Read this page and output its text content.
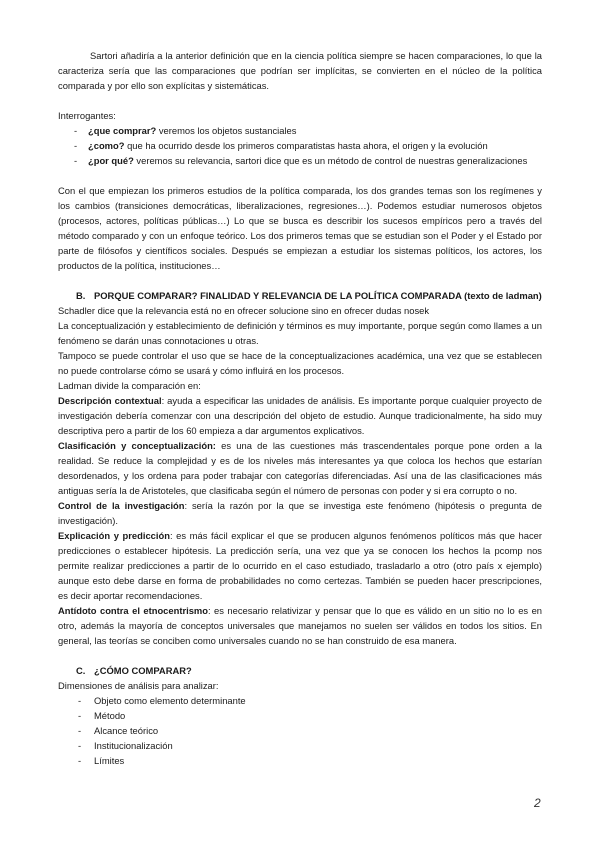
Sartori añadiría a la anterior definición que en la ciencia política siempre se hacen comparaciones, lo que la caracteriza sería que las comparaciones que podrían ser implícitas, se convierten en el núcleo de la política comparada y por ello son explícitas y sistemáticas.

Interrogantes:

- ¿que comprar? veremos los objetos sustanciales
- ¿como? que ha ocurrido desde los primeros comparatistas hasta ahora, el origen y la evolución
- ¿por qué? veremos su relevancia, sartori dice que es un método de control de nuestras generalizaciones

Con el que empiezan los primeros estudios de la política comparada, los dos grandes temas son los regímenes y los cambios (transiciones democráticas, liberalizaciones, regresiones…). Podemos estudiar numerosos objetos (procesos, actores, políticas públicas…) Lo que se busca es describir los sucesos empíricos pero a través del método comparado y con un enfoque teórico. Los dos primeros temas que se estudian son el Poder y el Estado por parte de filósofos y científicos sociales. Después se empiezan a estudiar los sistemas políticos, los actores, los productos de la política, instituciones…

B. PORQUE COMPARAR? FINALIDAD Y RELEVANCIA DE LA POLÍTICA COMPARADA (texto de ladman)

Schadler dice que la relevancia está no en ofrecer solucione sino en ofrecer dudas nosek

La conceptualización y establecimiento de definición y términos es muy importante, porque según como llames a un fenómeno se darán unas connotaciones u otras.

Tampoco se puede controlar el uso que se hace de la conceptualizaciones académica, una vez que se establecen no puede controlarse cómo se usará y cómo influirá en los procesos.

Ladman divide la comparación en:

Descripción contextual: ayuda a especificar las unidades de análisis. Es importante porque cualquier proyecto de investigación debería comenzar con una descripción del objeto de estudio. Aunque tradicionalmente, ha sido muy descriptiva pero a partir de los 60 empieza a dar argumentos explicativos.

Clasificación y conceptualización: es una de las cuestiones más trascendentales porque pone orden a la realidad. Se reduce la complejidad y es de los niveles más interesantes ya que coloca los hechos que estarían desordenados, y los ordena para poder trabajar con categorías diferenciadas. Así una de las clasificaciones más antiguas sería la de Aristoteles, que clasificaba según el número de personas con poder y si era corrupto o no.

Control de la investigación: sería la razón por la que se investiga este fenómeno (hipótesis o pregunta de investigación).

Explicación y predicción: es más fácil explicar el que se producen algunos fenómenos políticos más que hacer predicciones o establecer hipótesis. La predicción sería, una vez que ya se conocen los hechos la pcomp nos permite realizar predicciones a partir de lo ocurrido en el caso estudiado, trasladarlo a otro (otro país x ejemplo) aunque esto debe darse en forma de probabilidades no como certezas. También se pueden hacer prescripciones, es decir aportar recomendaciones.

Antídoto contra el etnocentrismo: es necesario relativizar y pensar que lo que es válido en un sitio no lo es en otro, además la mayoría de conceptos universales que manejamos no suelen ser válidos en todos los sitios. En general, las teorías se conciben como universales cuando no se han construido de esa manera.

C. ¿CÓMO COMPARAR?

Dimensiones de análisis para analizar:

- Objeto como elemento determinante
- Método
- Alcance teórico
- Institucionalización
- Límites
2
